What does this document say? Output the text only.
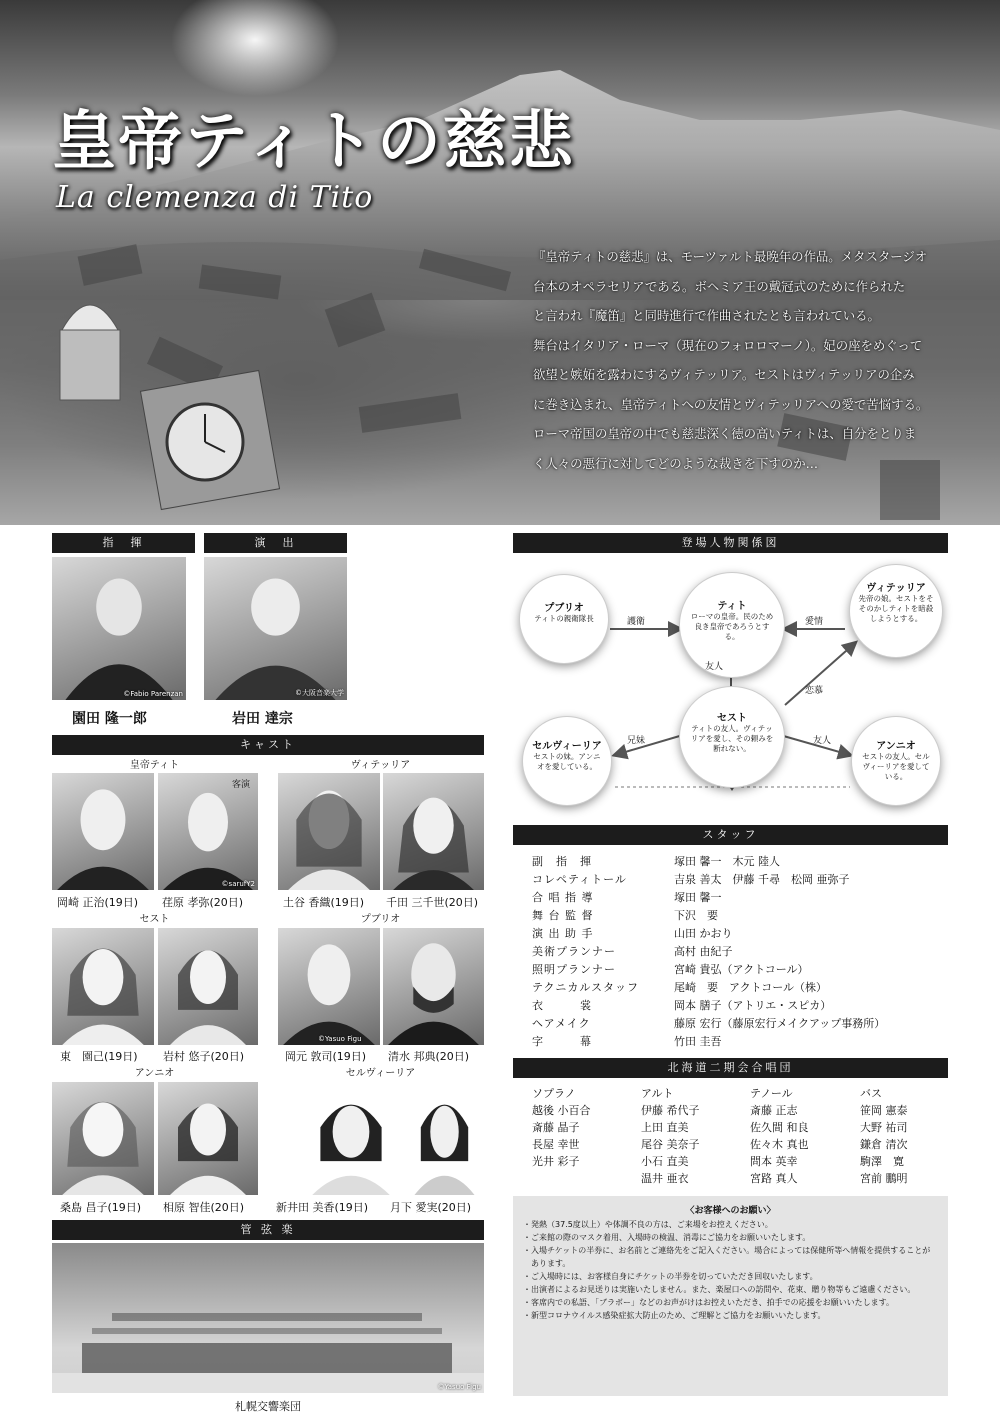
皇帝ティトの慈悲
La clemenza di Tito

『皇帝ティトの慈悲』は、モーツァルト最晩年の作品。メタスタージオ

台本のオペラセリアである。ボヘミア王の戴冠式のために作られた

と言われ『魔笛』と同時進行で作曲されたとも言われている。

舞台はイタリア・ローマ（現在のフォロロマーノ）。妃の座をめぐって

欲望と嫉妬を露わにするヴィテッリア。セストはヴィテッリアの企み

に巻き込まれ、皇帝ティトへの友情とヴィテッリアへの愛で苦悩する。

ローマ帝国の皇帝の中でも慈悲深く徳の高いティトは、自分をとりま

く人々の悪行に対してどのような裁きを下すのか…

指　揮	演　出
©Fabio Parenzan	©大阪音楽大学
園田 隆一郎	岩田 達宗
キャスト
皇帝ティト	ヴィテッリア
客演
©sarufY2
岡崎 正治(19日) 荏原 孝弥(20日)	土谷 香織(19日) 千田 三千世(20日)
セスト	プブリオ
©Yasuo Figu
東　園己(19日) 岩村 悠子(20日)	岡元 敦司(19日) 清水 邦典(20日)
アンニオ	セルヴィーリア
桑島 昌子(19日) 相原 智佳(20日)	新井田 美香(19日) 月下 愛実(20日)
管 弦 楽
©Yasuo Figu
札幌交響楽団
登場人物関係図
プブリオ
ティトの親衛隊長
ティト
ローマの皇帝。民のため良き皇帝であろうとする。
ヴィテッリア
先帝の娘。セストをそそのかしティトを暗殺しようとする。
セスト
ティトの友人。ヴィテッリアを愛し、その頼みを断れない。
セルヴィーリア
セストの妹。アンニオを愛している。
アンニオ
セストの友人。セルヴィーリアを愛している。
護衛	愛情
友人
恋慕
兄妹	友人
スタッフ
副　指　揮	塚田 馨一　木元 陸人
コレペティトール	吉泉 善太　伊藤 千尋　松岡 亜弥子
合 唱 指 導	塚田 馨一
舞 台 監 督	下沢　要
演 出 助 手	山田 かおり
美術プランナー	高村 由紀子
照明プランナー	宮崎 貴弘（アクトコール）
テクニカルスタッフ	尾崎　要　アクトコール（株）
衣　　　裳	岡本 膳子（アトリエ・スピカ）
ヘアメイク	藤原 宏行（藤原宏行メイクアップ事務所）
字　　　幕	竹田 圭吾
北海道二期会合唱団
ソプラノ
越後 小百合
斎藤 晶子
長屋 幸世
光井 彩子
アルト
伊藤 希代子
上田 直美
尾谷 美奈子
小石 直美
温井 亜衣
テノール
斎藤 正志
佐久間 和良
佐々木 真也
問本 英幸
宮路 真人
バス
笹岡 憲泰
大野 祐司
鎌倉 清次
駒澤　寛
宮前 鵬明
〈お客様へのお願い〉
・発熱（37.5度以上）や体調不良の方は、ご来場をお控えください。
・ご来館の際のマスク着用、入場時の検温、消毒にご協力をお願いいたします。
・入場チケットの半券に、お名前とご連絡先をご記入ください。場合によっては保健所等へ情報を提供することがあります。
・ご入場時には、お客様自身にチケットの半券を切っていただき回収いたします。
・出演者によるお見送りは実施いたしません。また、楽屋口への訪問や、花束、贈り物等もご遠慮ください。
・客席内での私語、「ブラボー」などのお声がけはお控えいただき、拍手での応援をお願いいたします。
・新型コロナウイルス感染症拡大防止のため、ご理解とご協力をお願いいたします。
